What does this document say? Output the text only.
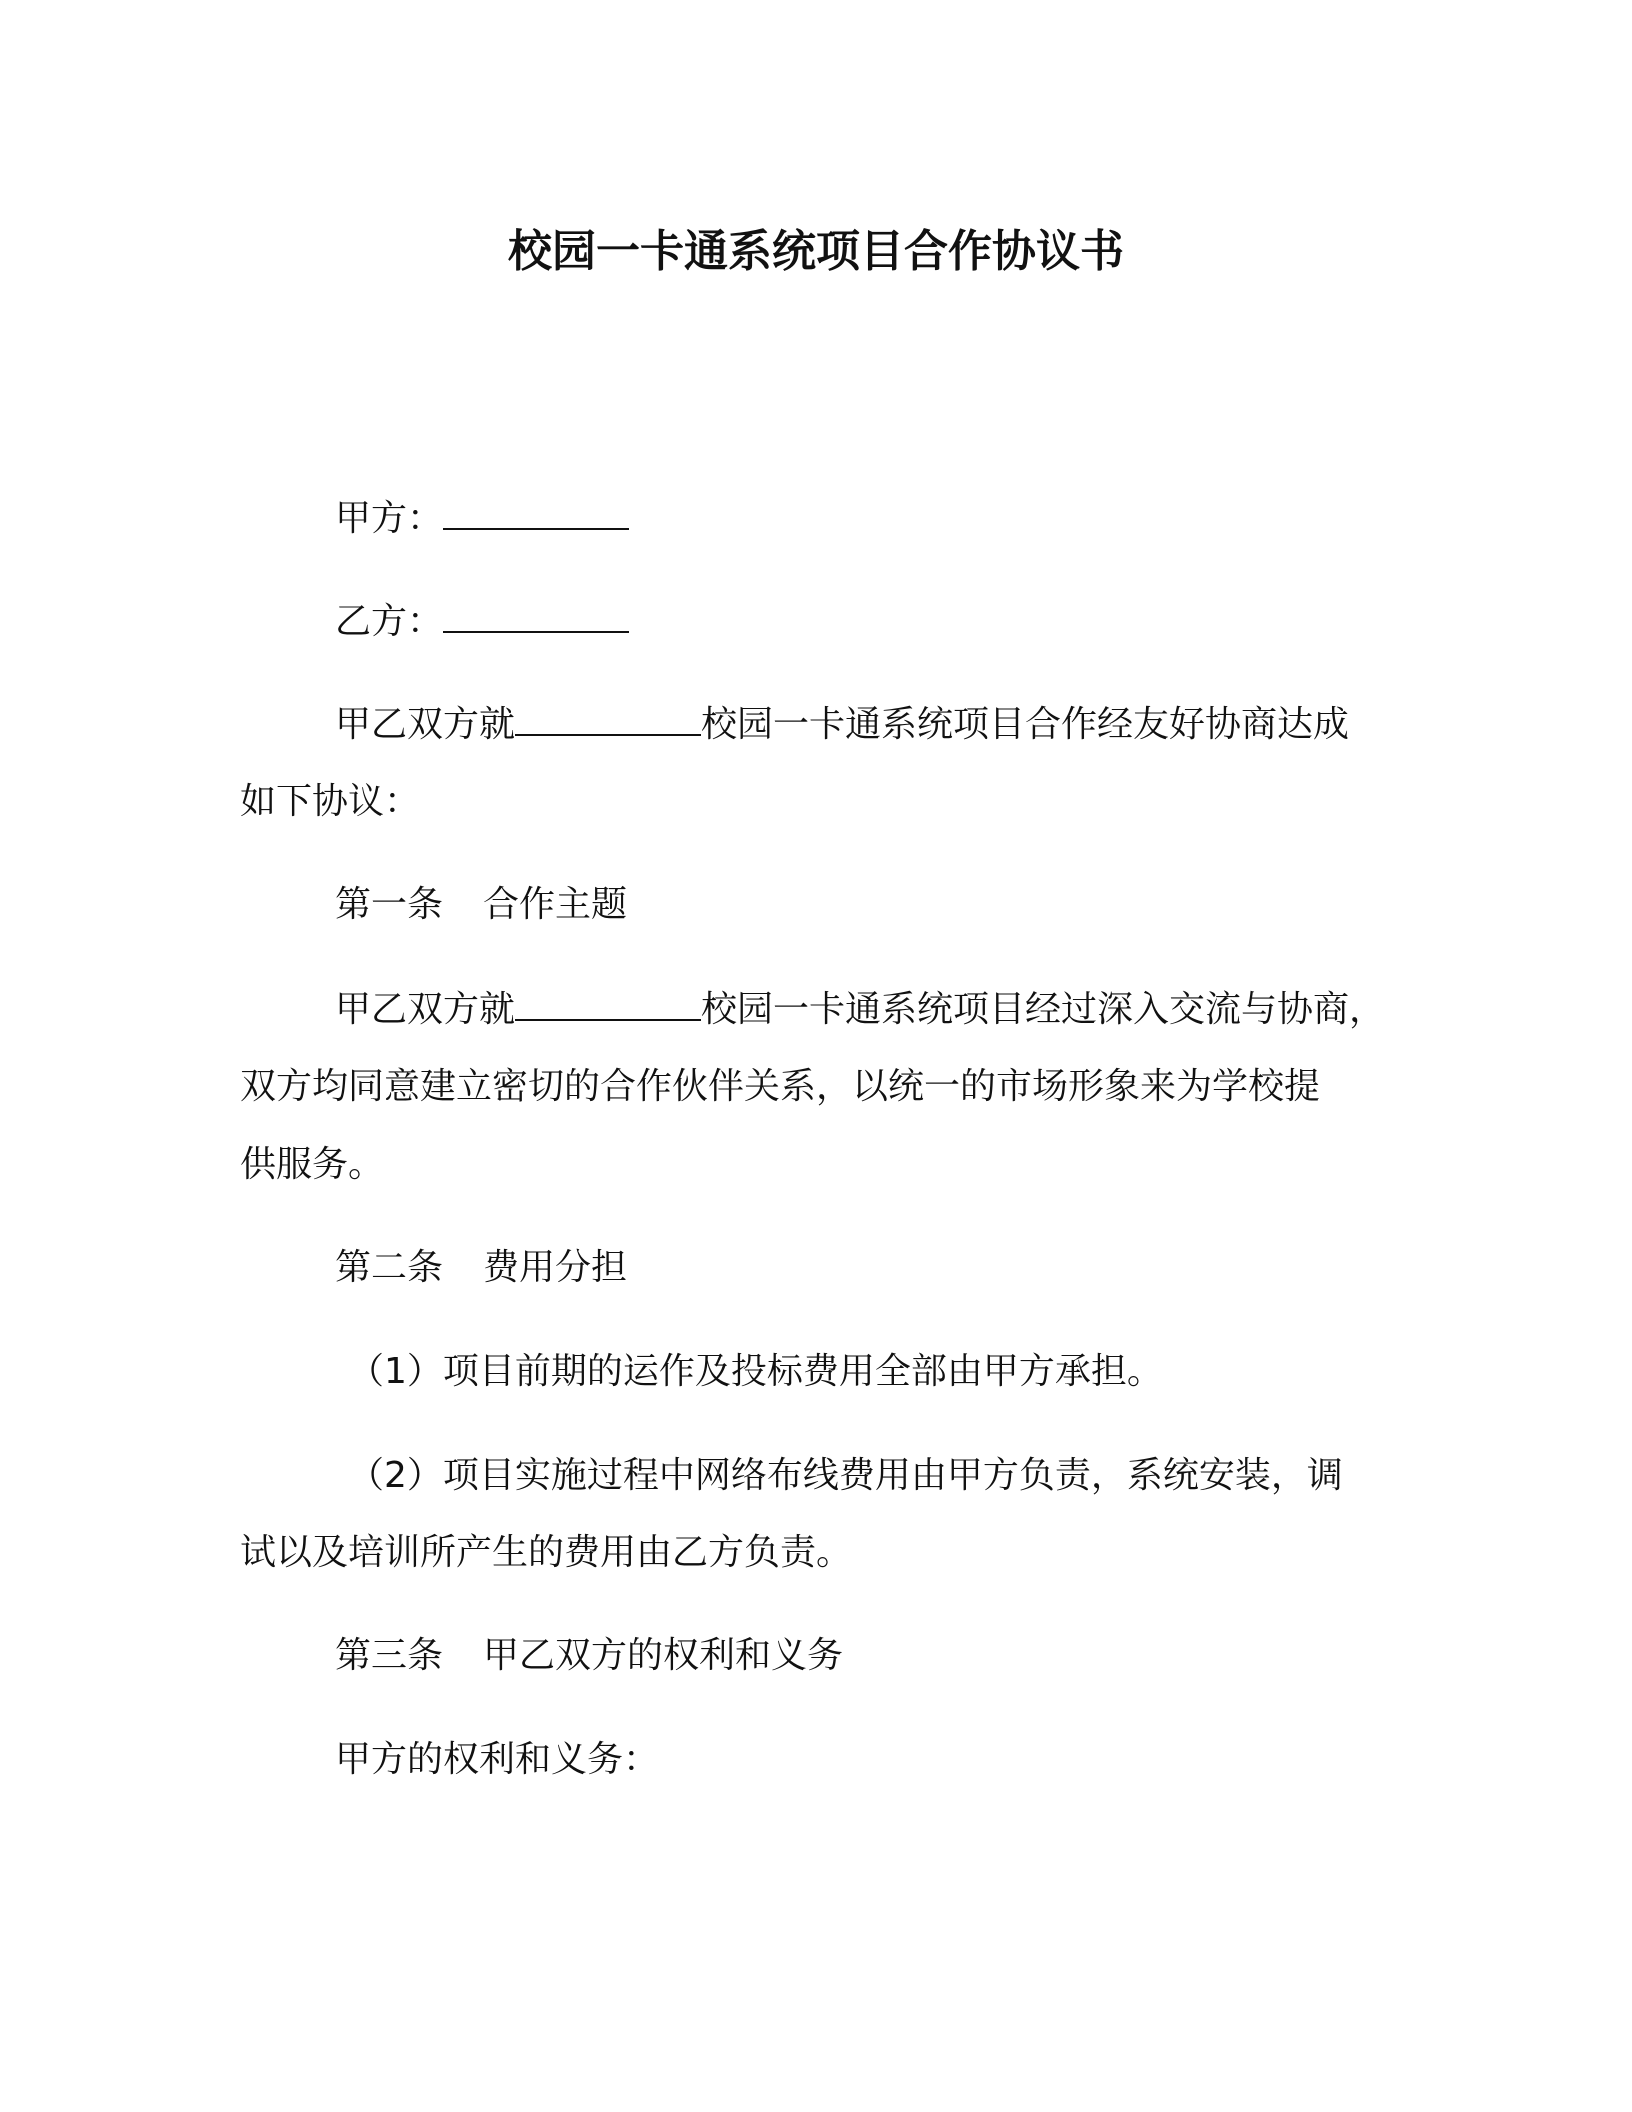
校园一卡通系统项目合作协议书
甲方：
乙方：
甲乙双方就	校园一卡通系统项目合作经友好协商达成
如下协议：
第一条 合作主题
甲乙双方就	校园一卡通系统项目经过深入交流与协商，
双方均同意建立密切的合作伙伴关系，以统一的市场形象来为学校提
供服务。
第二条 费用分担
（1）项目前期的运作及投标费用全部由甲方承担。
（2）项目实施过程中网络布线费用由甲方负责，系统安装，调
试以及培训所产生的费用由乙方负责。
第三条 甲乙双方的权利和义务
甲方的权利和义务：
